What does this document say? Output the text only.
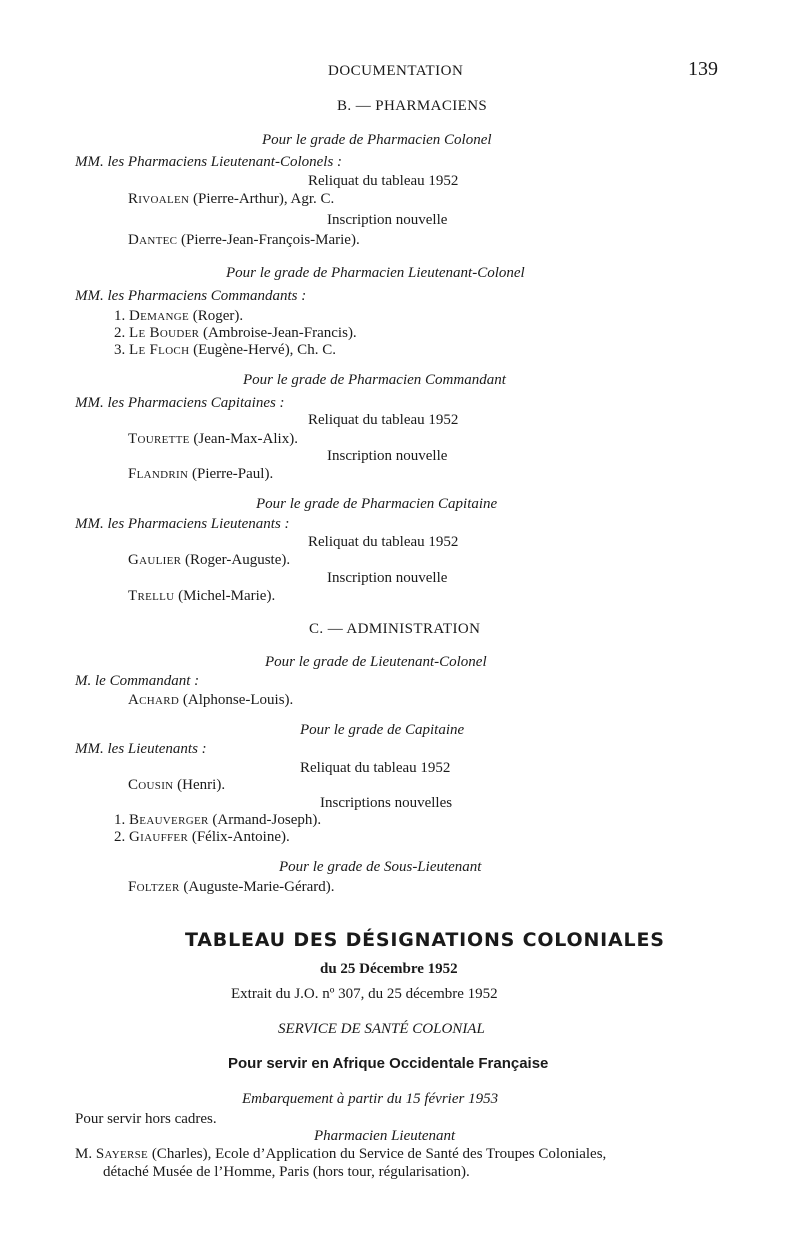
DOCUMENTATION	139
B. — PHARMACIENS
Pour le grade de Pharmacien Colonel
MM. les Pharmaciens Lieutenant-Colonels :
Reliquat du tableau 1952
Rivoalen (Pierre-Arthur), Agr. C.
Inscription nouvelle
Dantec (Pierre-Jean-François-Marie).
Pour le grade de Pharmacien Lieutenant-Colonel
MM. les Pharmaciens Commandants :
1. Demange (Roger).
2. Le Bouder (Ambroise-Jean-Francis).
3. Le Floch (Eugène-Hervé), Ch. C.
Pour le grade de Pharmacien Commandant
MM. les Pharmaciens Capitaines :
Reliquat du tableau 1952
Tourette (Jean-Max-Alix).
Inscription nouvelle
Flandrin (Pierre-Paul).
Pour le grade de Pharmacien Capitaine
MM. les Pharmaciens Lieutenants :
Reliquat du tableau 1952
Gaulier (Roger-Auguste).
Inscription nouvelle
Trellu (Michel-Marie).
C. — ADMINISTRATION
Pour le grade de Lieutenant-Colonel
M. le Commandant :
Achard (Alphonse-Louis).
Pour le grade de Capitaine
MM. les Lieutenants :
Reliquat du tableau 1952
Cousin (Henri).
Inscriptions nouvelles
1. Beauverger (Armand-Joseph).
2. Giauffer (Félix-Antoine).
Pour le grade de Sous-Lieutenant
Foltzer (Auguste-Marie-Gérard).
TABLEAU DES DÉSIGNATIONS COLONIALES
du 25 Décembre 1952
Extrait du J.O. nº 307, du 25 décembre 1952
SERVICE DE SANTÉ COLONIAL
Pour servir en Afrique Occidentale Française
Embarquement à partir du 15 février 1953
Pour servir hors cadres.
Pharmacien Lieutenant
M. Sayerse (Charles), Ecole d’Application du Service de Santé des Troupes Coloniales,
détaché Musée de l’Homme, Paris (hors tour, régularisation).
